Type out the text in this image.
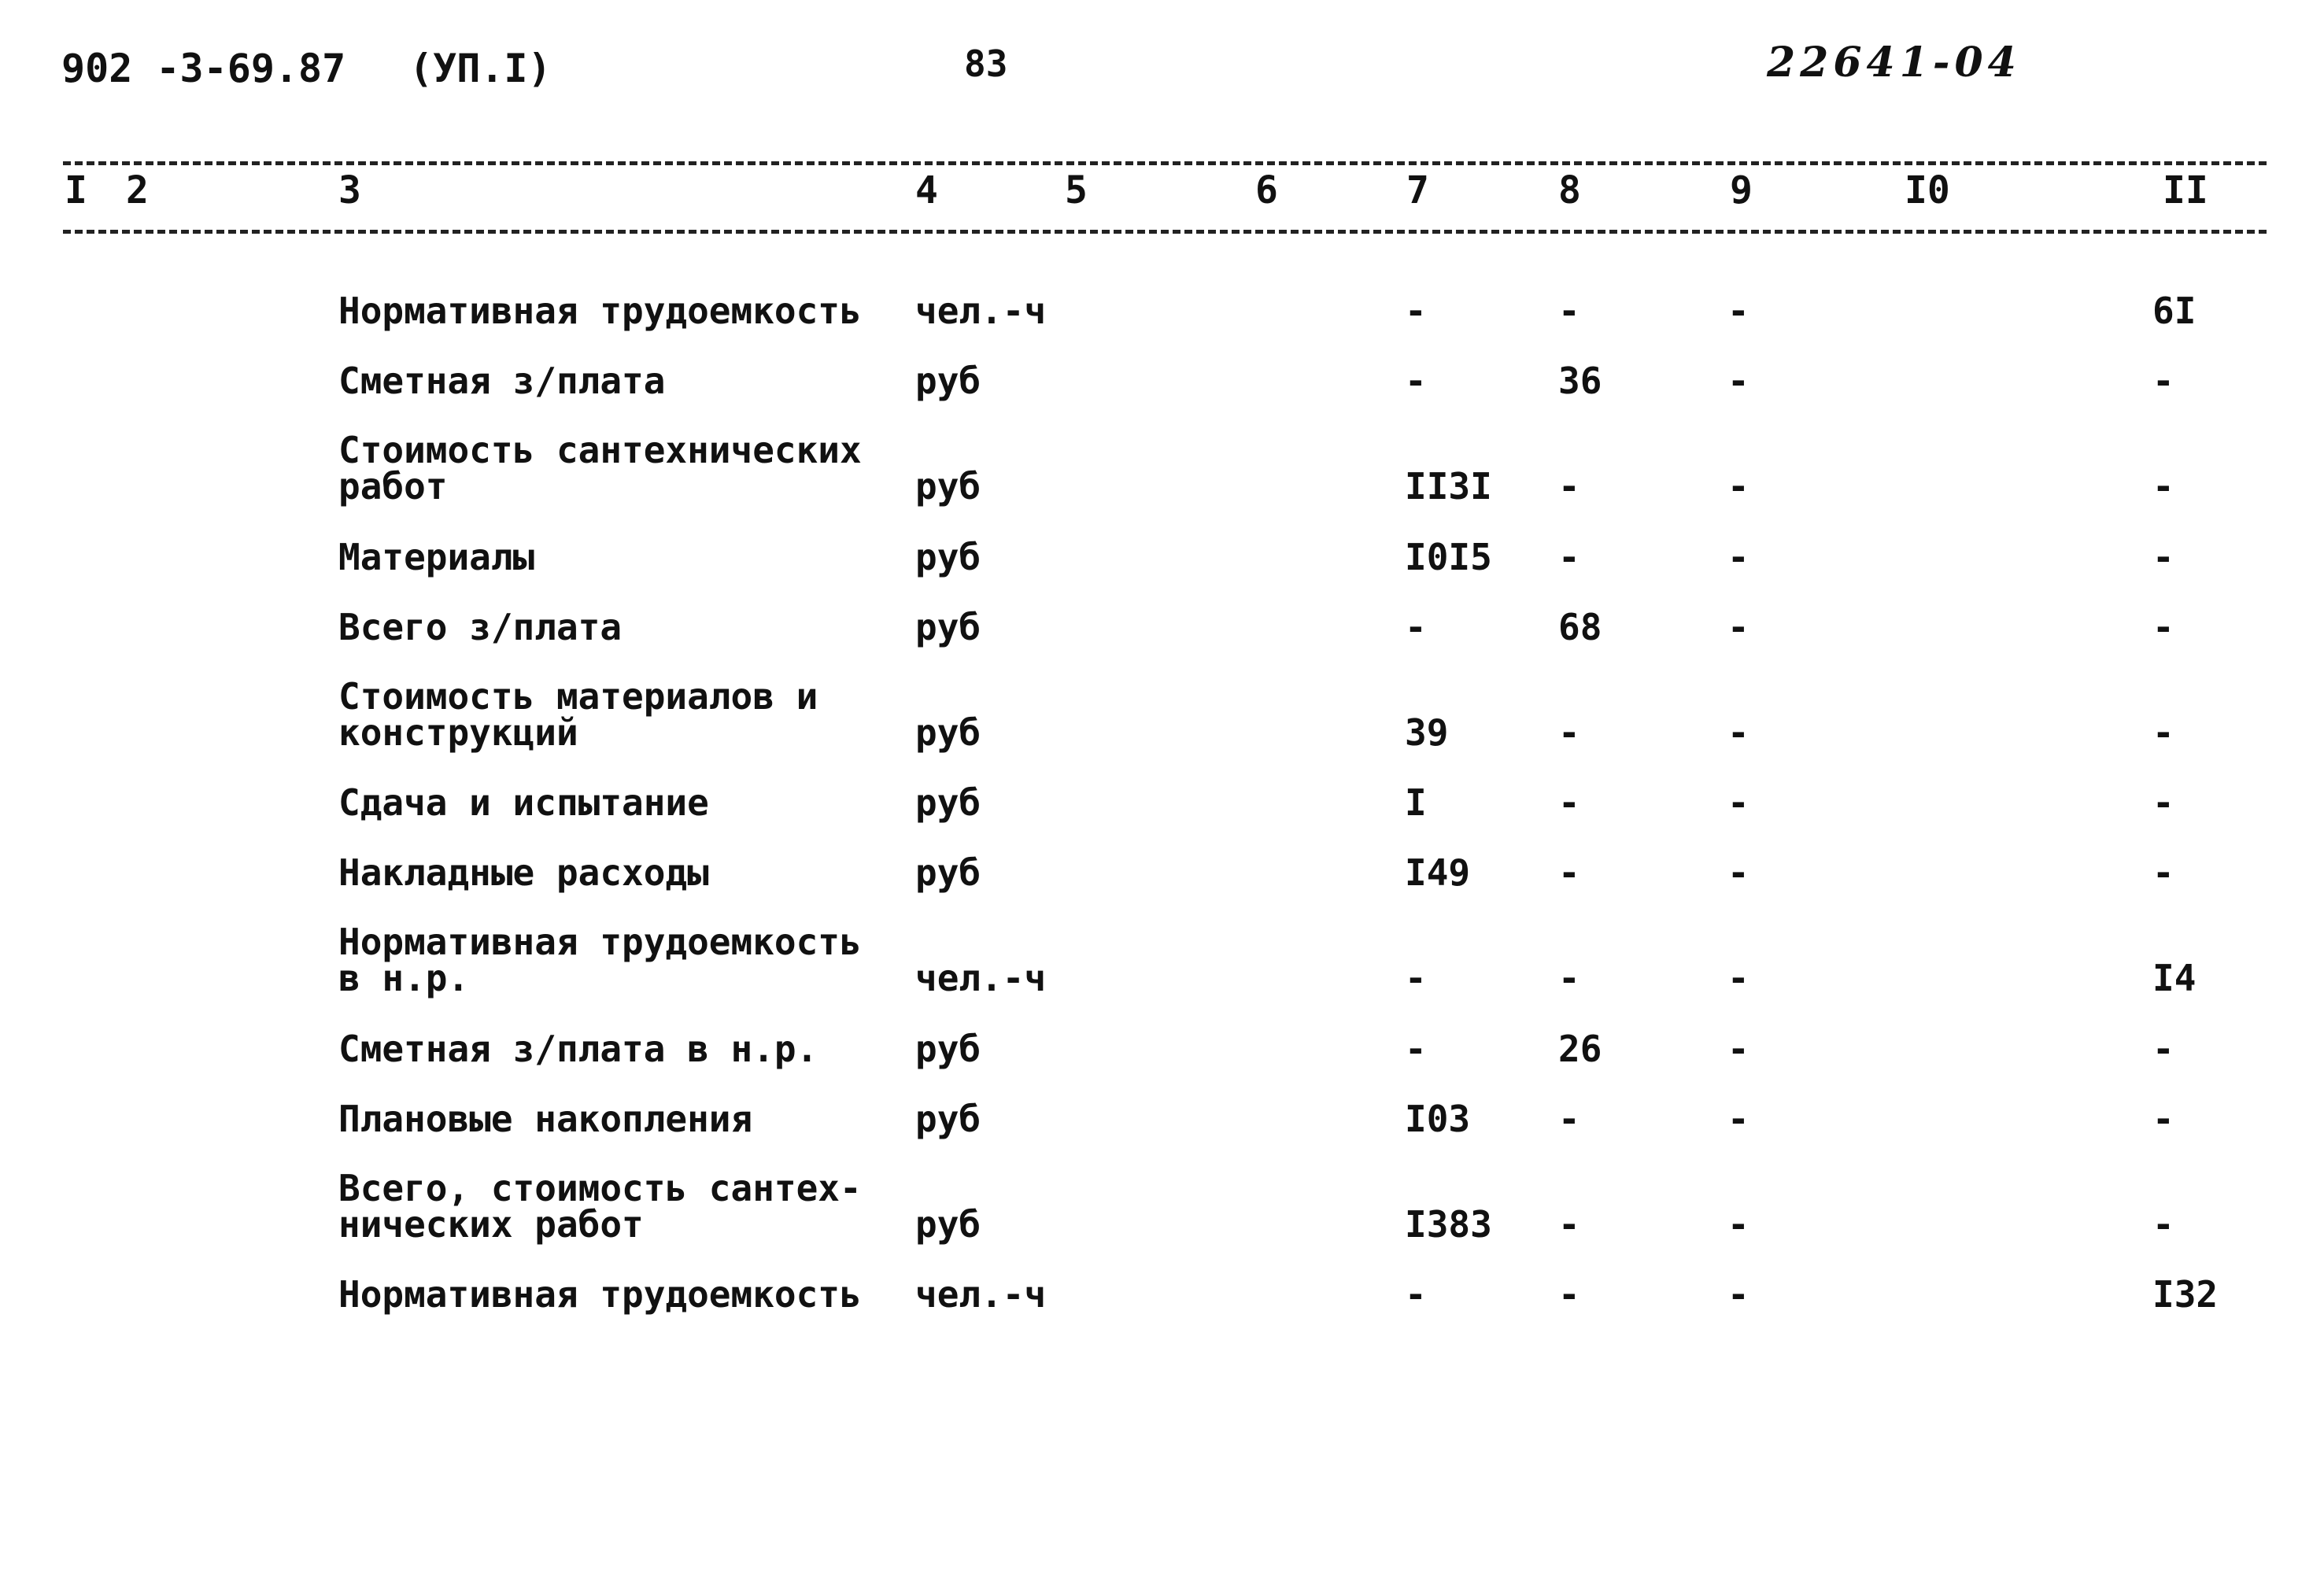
902 -3-69.87 (УП.I)	83	22641-04
I 2	3	4	5	6	7	8	9	I0	II
Нормативная трудоемкость	чел.-ч	-	-	-	6I
Сметная з/плата	руб	-	36	-	-
Стоимость сантехнических
работ	руб	II3I -	-	-
Материалы	руб	I0I5 -	-	-
Всего з/плата	руб	-	68	-	-
Стоимость материалов и
конструкций	руб	39	-	-	-
Сдача и испытание	руб	I	-	-	-
Накладные расходы	руб	I49 -	-	-
Нормативная трудоемкость
в н.р.	чел.-ч	-	-	-	I4
Сметная з/плата в н.р.	руб	-	26	-	-
Плановые накопления	руб	I03 -	-	-
Всего, стоимость сантех-
нических работ	руб	I383 -	-	-
Нормативная трудоемкость	чел.-ч	-	-	-	I32
